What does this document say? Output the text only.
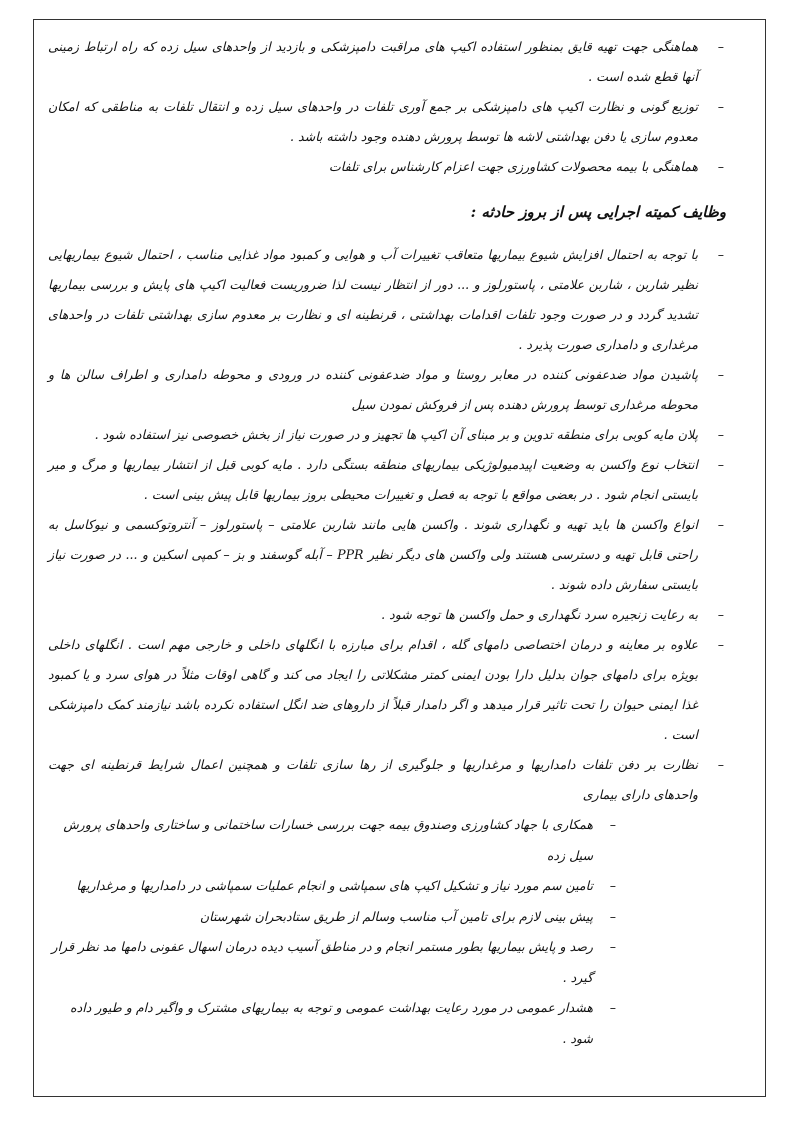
–
هماهنگی جهت تهیه قایق بمنظور استفاده اکیپ های مراقبت دامپزشکی و بازدید از واحدهای سیل زده که راه ارتباط زمینی آنها قطع شده است .
–
توزیع گونی و نظارت اکیپ های دامپزشکی بر جمع آوری تلفات در واحدهای سیل زده و انتقال تلفات به مناطقی که امکان معدوم سازی یا دفن بهداشتی لاشه ها توسط پرورش دهنده وجود داشته باشد .
–
هماهنگی با بیمه محصولات کشاورزی جهت اعزام کارشناس برای تلفات
وظایف کمیته اجرایی پس از بروز حادثه :
–
با توجه به احتمال افزایش شیوع بیماریها متعاقب تغییرات آب و هوایی و کمبود مواد غذایی مناسب ، احتمال شیوع بیماریهایی نظیر شاربن ، شاربن علامتی ، پاستورلوز و ... دور از انتظار نیست لذا ضروریست فعالیت اکیپ های پایش و بررسی بیماریها تشدید گردد و در صورت وجود تلفات اقدامات بهداشتی ، قرنطینه ای و نظارت بر معدوم سازی بهداشتی تلفات در واحدهای مرغداری و دامداری صورت پذیرد .
–
پاشیدن مواد ضدعفونی کننده در معابر روستا و مواد ضدعفونی کننده در ورودی و محوطه دامداری و اطراف سالن ها و محوطه مرغداری توسط پرورش دهنده پس از فروکش نمودن سیل
–
پلان مایه کوبی برای منطقه تدوین و بر مبنای آن اکیپ ها تجهیز و در صورت نیاز از بخش خصوصی نیز استفاده شود .
–
انتخاب نوع واکسن به وضعیت اپیدمیولوژیکی بیماریهای منطقه بستگی دارد . مایه کوبی قبل از انتشار بیماریها و مرگ و میر بایستی انجام شود . در بعضی مواقع با توجه به فصل و تغییرات محیطی بروز بیماریها قابل پیش بینی است .
–
انواع واکسن ها باید تهیه و نگهداری شوند . واکسن هایی مانند شاربن علامتی – پاستورلوز – آنتروتوکسمی و نیوکاسل به راحتی قابل تهیه و دسترسی هستند ولی واکسن های دیگر نظیر PPR – آبله گوسفند و بز – کمپی اسکین و ... در صورت نیاز بایستی سفارش داده شوند .
–
به رعایت زنجیره سرد نگهداری و حمل واکسن ها توجه شود .
–
علاوه بر معاینه و درمان اختصاصی دامهای گله ، اقدام برای مبارزه با انگلهای داخلی و خارجی مهم است . انگلهای داخلی بویژه برای دامهای جوان بدلیل دارا بودن ایمنی کمتر مشکلاتی را ایجاد می کند و گاهی اوقات مثلاً در هوای سرد و یا کمبود غذا ایمنی حیوان را تحت تاثیر قرار میدهد و اگر دامدار قبلاً از داروهای ضد انگل استفاده نکرده باشد نیازمند کمک دامپزشکی است .
–
نظارت بر دفن تلفات دامداریها و مرغداریها و جلوگیری از رها سازی تلفات و همچنین اعمال شرایط قرنطینه ای جهت واحدهای دارای بیماری
–
همکاری با جهاد کشاورزی وصندوق بیمه جهت بررسی خسارات ساختمانی و ساختاری واحدهای پرورش سیل زده
–
تامین سم مورد نیاز و تشکیل اکیپ های سمپاشی و انجام عملیات سمپاشی در دامداریها و مرغداریها
–
پیش بینی لازم برای تامین آب مناسب وسالم از طریق ستادبحران شهرستان
–
رصد و پایش بیماریها بطور مستمر انجام و در مناطق آسیب دیده درمان اسهال عفونی دامها مد نظر قرار گیرد .
–
هشدار عمومی در مورد رعایت بهداشت عمومی و توجه به بیماریهای مشترک و واگیر دام و طیور داده شود .
